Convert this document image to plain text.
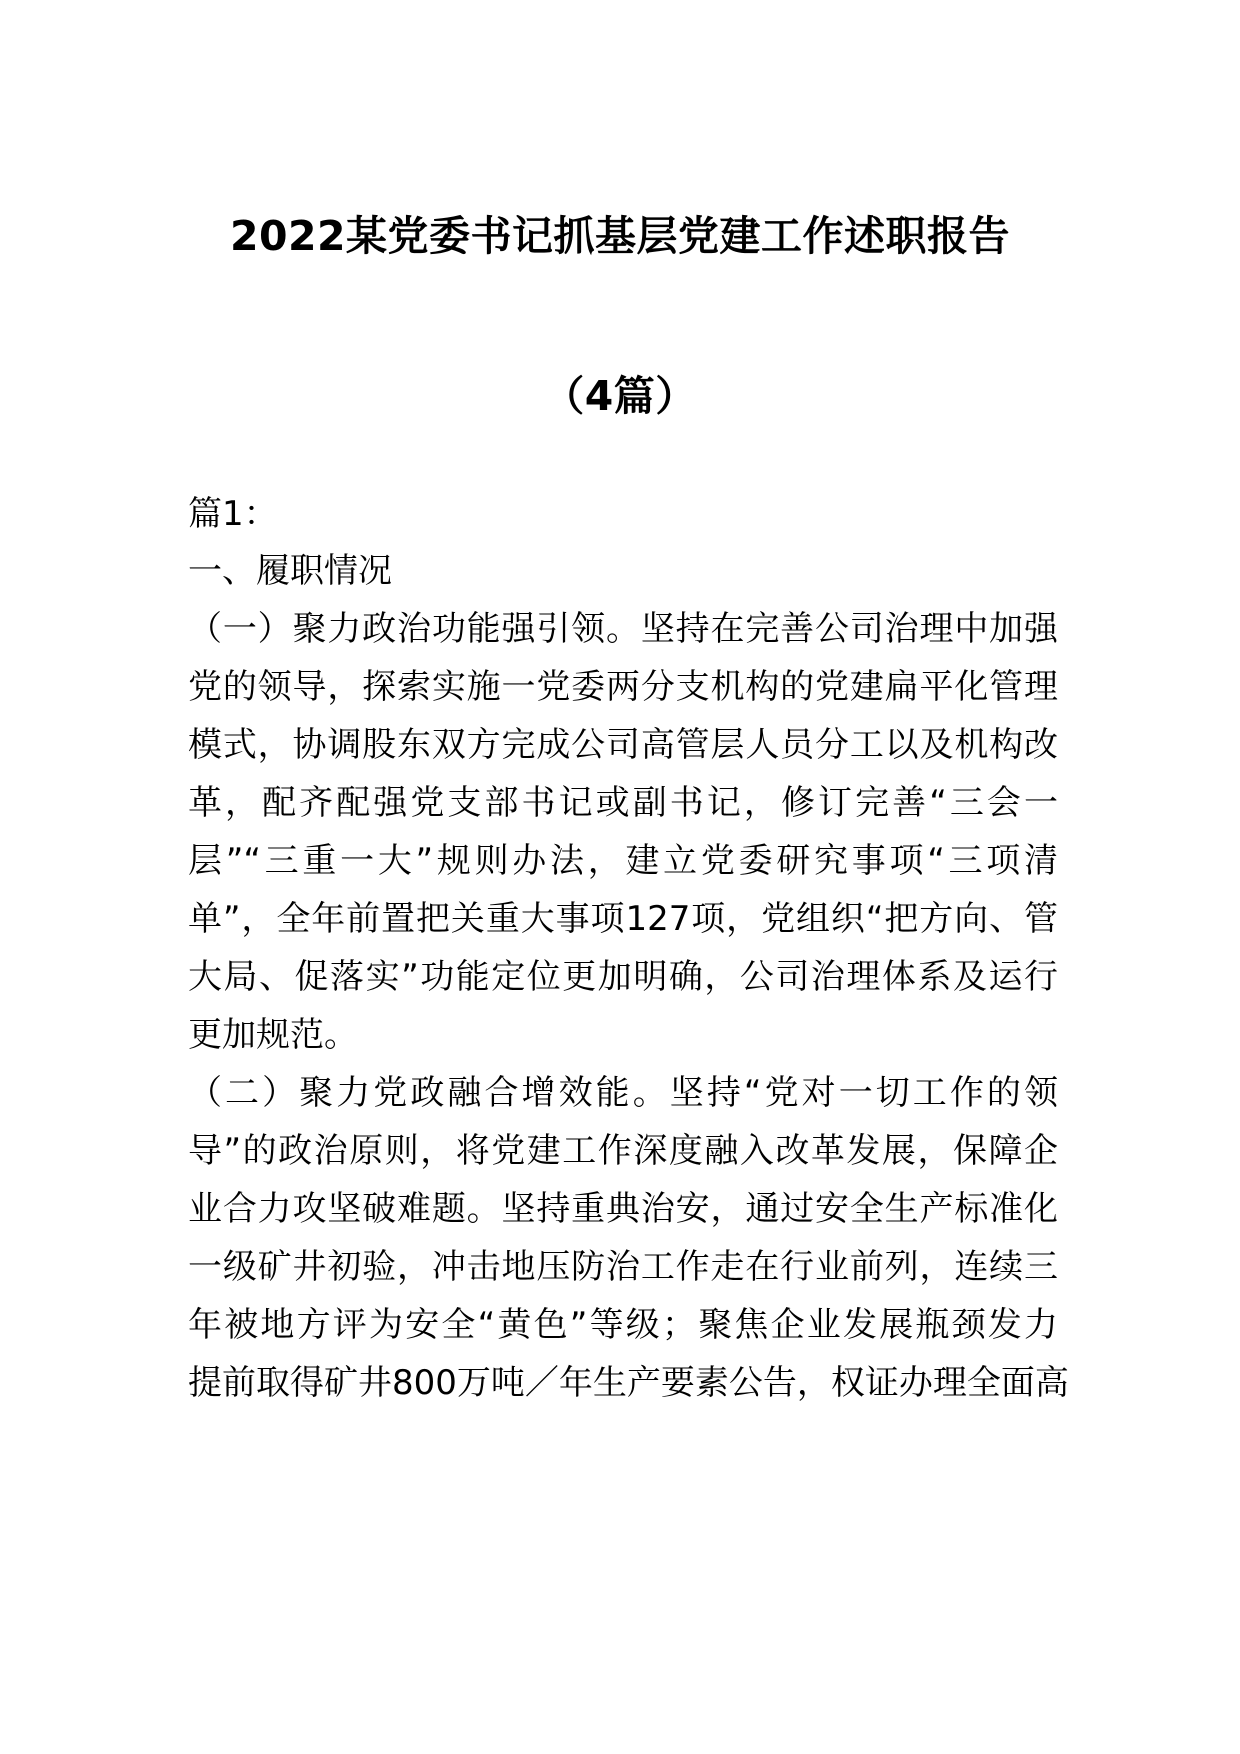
2022某党委书记抓基层党建工作述职报告
（4篇）
篇1：
一、履职情况
（一）聚力政治功能强引领。坚持在完善公司治理中加强
党的领导，探索实施一党委两分支机构的党建扁平化管理
模式，协调股东双方完成公司高管层人员分工以及机构改
革，配齐配强党支部书记或副书记，修订完善“三会一
层”“三重一大”规则办法，建立党委研究事项“三项清
单”，全年前置把关重大事项127项，党组织“把方向、管
大局、促落实”功能定位更加明确，公司治理体系及运行
更加规范。
（二）聚力党政融合增效能。坚持“党对一切工作的领
导”的政治原则，将党建工作深度融入改革发展，保障企
业合力攻坚破难题。坚持重典治安，通过安全生产标准化
一级矿井初验，冲击地压防治工作走在行业前列，连续三
年被地方评为安全“黄色”等级；聚焦企业发展瓶颈发力
提前取得矿井800万吨／年生产要素公告，权证办理全面高
